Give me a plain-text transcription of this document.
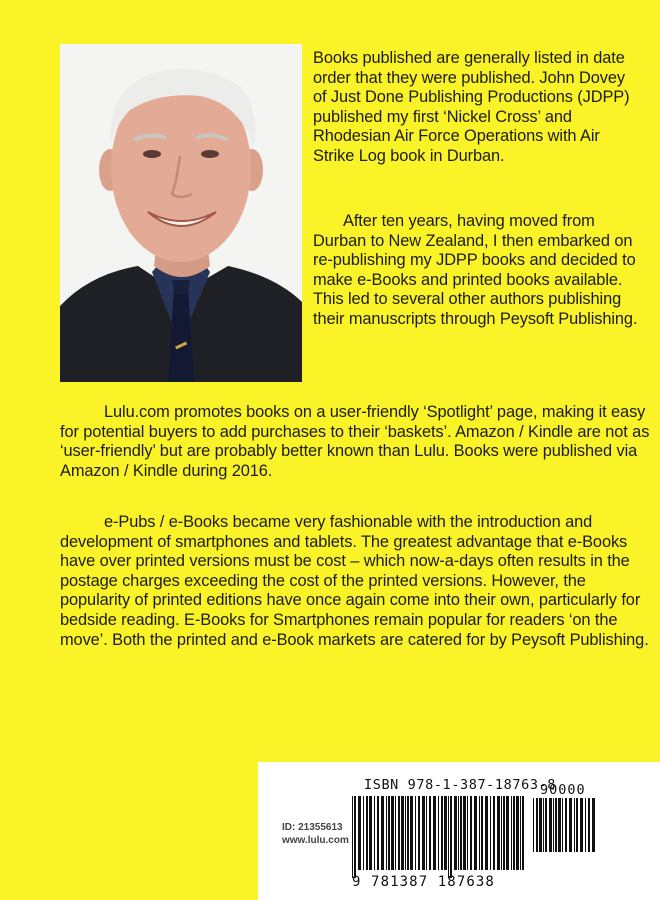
Books published are generally listed in date order that they were published. John Dovey of Just Done Publishing Productions (JDPP) published my first ‘Nickel Cross’ and Rhodesian Air Force Operations with Air Strike Log book in Durban.

After ten years, having moved from Durban to New Zealand, I then embarked on re-publishing my JDPP books and decided to make e-Books and printed books available. This led to several other authors publishing their manuscripts through Peysoft Publishing.

Lulu.com promotes books on a user-friendly ‘Spotlight’ page, making it easy for potential buyers to add purchases to their ‘baskets’. Amazon / Kindle are not as ‘user-friendly’ but are probably better known than Lulu. Books were published via Amazon / Kindle during 2016.

e-Pubs / e-Books became very fashionable with the introduction and development of smartphones and tablets. The greatest advantage that e-Books have over printed versions must be cost – which now-a-days often results in the postage charges exceeding the cost of the printed versions. However, the popularity of printed editions have once again come into their own, particularly for bedside reading. E-Books for Smartphones remain popular for readers ‘on the move’. Both the printed and e-Book markets are catered for by Peysoft Publishing.

ISBN 978-1-387-18763-8
90000
ID: 21355613
www.lulu.com
9 781387 187638
